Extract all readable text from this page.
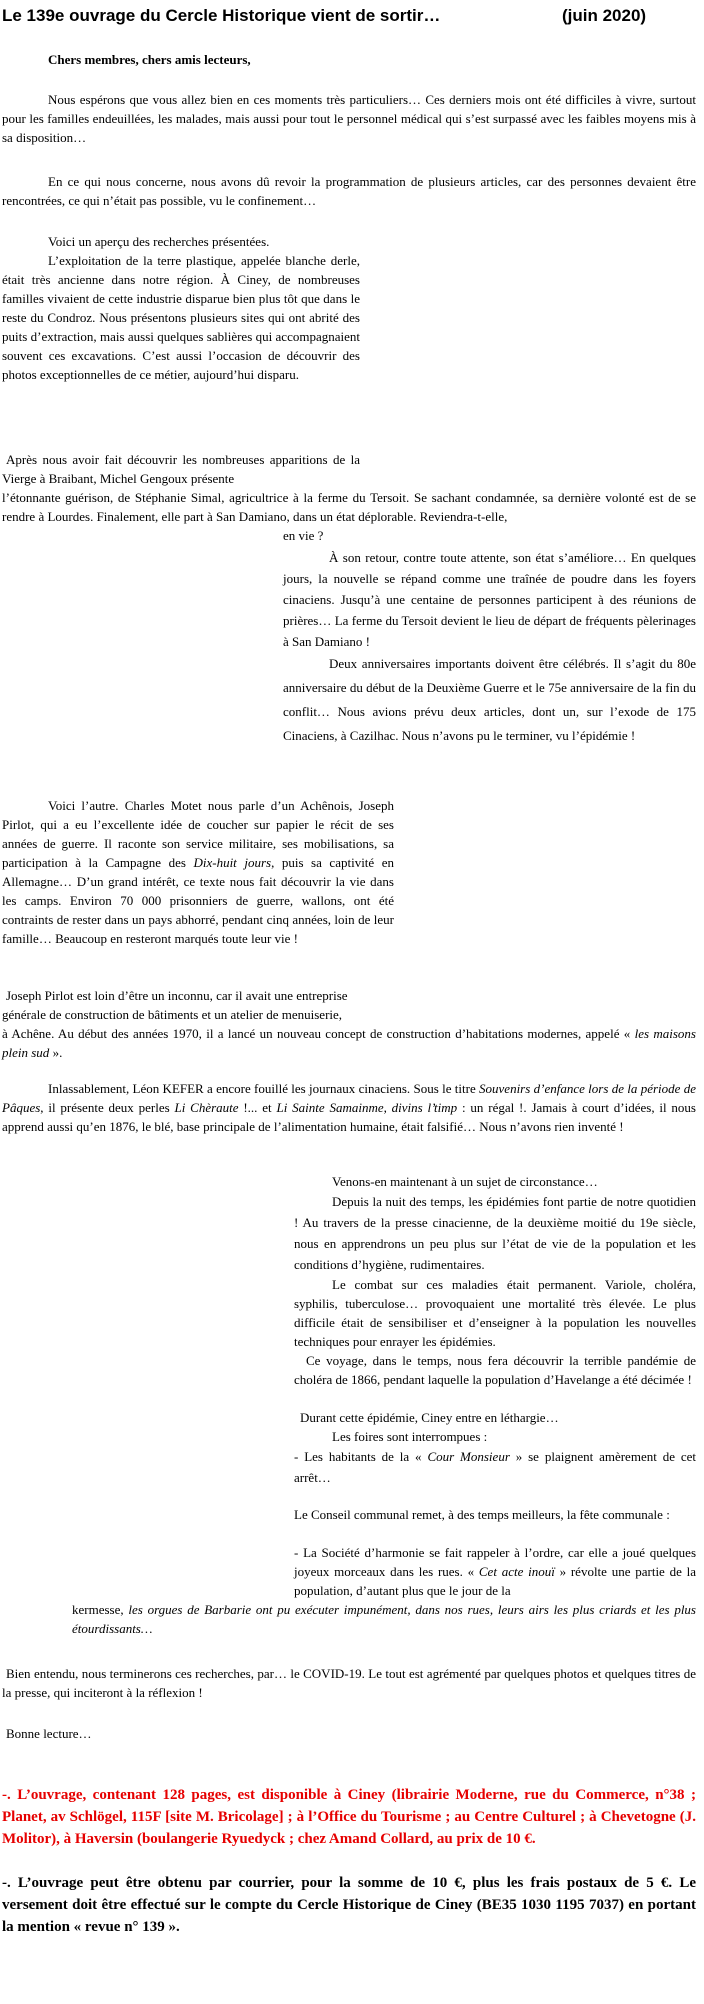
Le 139e ouvrage du Cercle Historique vient de sortir…	(juin 2020)

Chers membres, chers amis lecteurs,

Nous espérons que vous allez bien en ces moments très particuliers… Ces derniers mois ont été difficiles à vivre, surtout pour les familles endeuillées, les malades, mais aussi pour tout le personnel médical qui s’est surpassé avec les faibles moyens mis à sa disposition…

En ce qui nous concerne, nous avons dû revoir la programmation de plusieurs articles, car des personnes devaient être rencontrées, ce qui n’était pas possible, vu le confinement…

Voici un aperçu des recherches présentées.

L’exploitation de la terre plastique, appelée blanche derle, était très ancienne dans notre région. À Ciney, de nombreuses familles vivaient de cette industrie disparue bien plus tôt que dans le reste du Condroz. Nous présentons plusieurs sites qui ont abrité des puits d’extraction, mais aussi quelques sablières qui accompagnaient souvent ces excavations. C’est aussi l’occasion de découvrir des photos exceptionnelles de ce métier, aujourd’hui disparu.

Après nous avoir fait découvrir les nombreuses apparitions de la Vierge à Braibant, Michel Gengoux présente

l’étonnante guérison, de Stéphanie Simal, agricultrice à la ferme du Tersoit. Se sachant condamnée, sa dernière volonté est de se rendre à Lourdes. Finalement, elle part à San Damiano, dans un état déplorable. Reviendra-t-elle,

en vie ?

À son retour, contre toute attente, son état s’améliore… En quelques jours, la nouvelle se répand comme une traînée de poudre dans les foyers cinaciens. Jusqu’à une centaine de personnes participent à des réunions de prières… La ferme du Tersoit devient le lieu de départ de fréquents pèlerinages à San Damiano !

Deux anniversaires importants doivent être célébrés. Il s’agit du 80e anniversaire du début de la Deuxième Guerre et le 75e anniversaire de la fin du conflit… Nous avions prévu deux articles, dont un, sur l’exode de 175 Cinaciens, à Cazilhac. Nous n’avons pu le terminer, vu l’épidémie !

Voici l’autre. Charles Motet nous parle d’un Achênois, Joseph Pirlot, qui a eu l’excellente idée de coucher sur papier le récit de ses années de guerre. Il raconte son service militaire, ses mobilisations, sa participation à la Campagne des Dix-huit jours, puis sa captivité en Allemagne… D’un grand intérêt, ce texte nous fait découvrir la vie dans les camps. Environ 70 000 prisonniers de guerre, wallons, ont été contraints de rester dans un pays abhorré, pendant cinq années, loin de leur famille… Beaucoup en resteront marqués toute leur vie !

Joseph Pirlot est loin d’être un inconnu, car il avait une entreprise générale de construction de bâtiments et un atelier de menuiserie,

à Achêne. Au début des années 1970, il a lancé un nouveau concept de construction d’habitations modernes, appelé « les maisons plein sud ».

Inlassablement, Léon KEFER a encore fouillé les journaux cinaciens. Sous le titre Souvenirs d’enfance lors de la période de Pâques, il présente deux perles Li Chèraute !... et Li Sainte Samainme, divins l’timp : un régal !. Jamais à court d’idées, il nous apprend aussi qu’en 1876, le blé, base principale de l’alimentation humaine, était falsifié… Nous n’avons rien inventé !

Venons-en maintenant à un sujet de circonstance…

Depuis la nuit des temps, les épidémies font partie de notre quotidien ! Au travers de la presse cinacienne, de la deuxième moitié du 19e siècle, nous en apprendrons un peu plus sur l’état de vie de la population et les conditions d’hygiène, rudimentaires.

Le combat sur ces maladies était permanent. Variole, choléra, syphilis, tuberculose… provoquaient une mortalité très élevée. Le plus difficile était de sensibiliser et d’enseigner à la population les nouvelles techniques pour enrayer les épidémies.

Ce voyage, dans le temps, nous fera découvrir la terrible pandémie de choléra de 1866, pendant laquelle la population d’Havelange a été décimée !

Durant cette épidémie, Ciney entre en léthargie…

Les foires sont interrompues :

- Les habitants de la « Cour Monsieur » se plaignent amèrement de cet arrêt…

Le Conseil communal remet, à des temps meilleurs, la fête communale :

- La Société d’harmonie se fait rappeler à l’ordre, car elle a joué quelques joyeux morceaux dans les rues. « Cet acte inouï » révolte une partie de la population, d’autant plus que le jour de la

kermesse, les orgues de Barbarie ont pu exécuter impunément, dans nos rues, leurs airs les plus criards et les plus étourdissants…

Bien entendu, nous terminerons ces recherches, par… le COVID-19. Le tout est agrémenté par quelques photos et quelques titres de la presse, qui inciteront à la réflexion !

Bonne lecture…

-. L’ouvrage, contenant 128 pages, est disponible à Ciney (librairie Moderne, rue du Commerce, n°38 ; Planet, av Schlögel, 115F [site M. Bricolage] ; à l’Office du Tourisme ; au Centre Culturel ; à Chevetogne (J. Molitor), à Haversin (boulangerie Ryuedyck ; chez Amand Collard, au prix de 10 €.

-. L’ouvrage peut être obtenu par courrier, pour la somme de 10 €, plus les frais postaux de 5 €. Le versement doit être effectué sur le compte du Cercle Historique de Ciney (BE35 1030 1195 7037) en portant la mention « revue n° 139 ».
